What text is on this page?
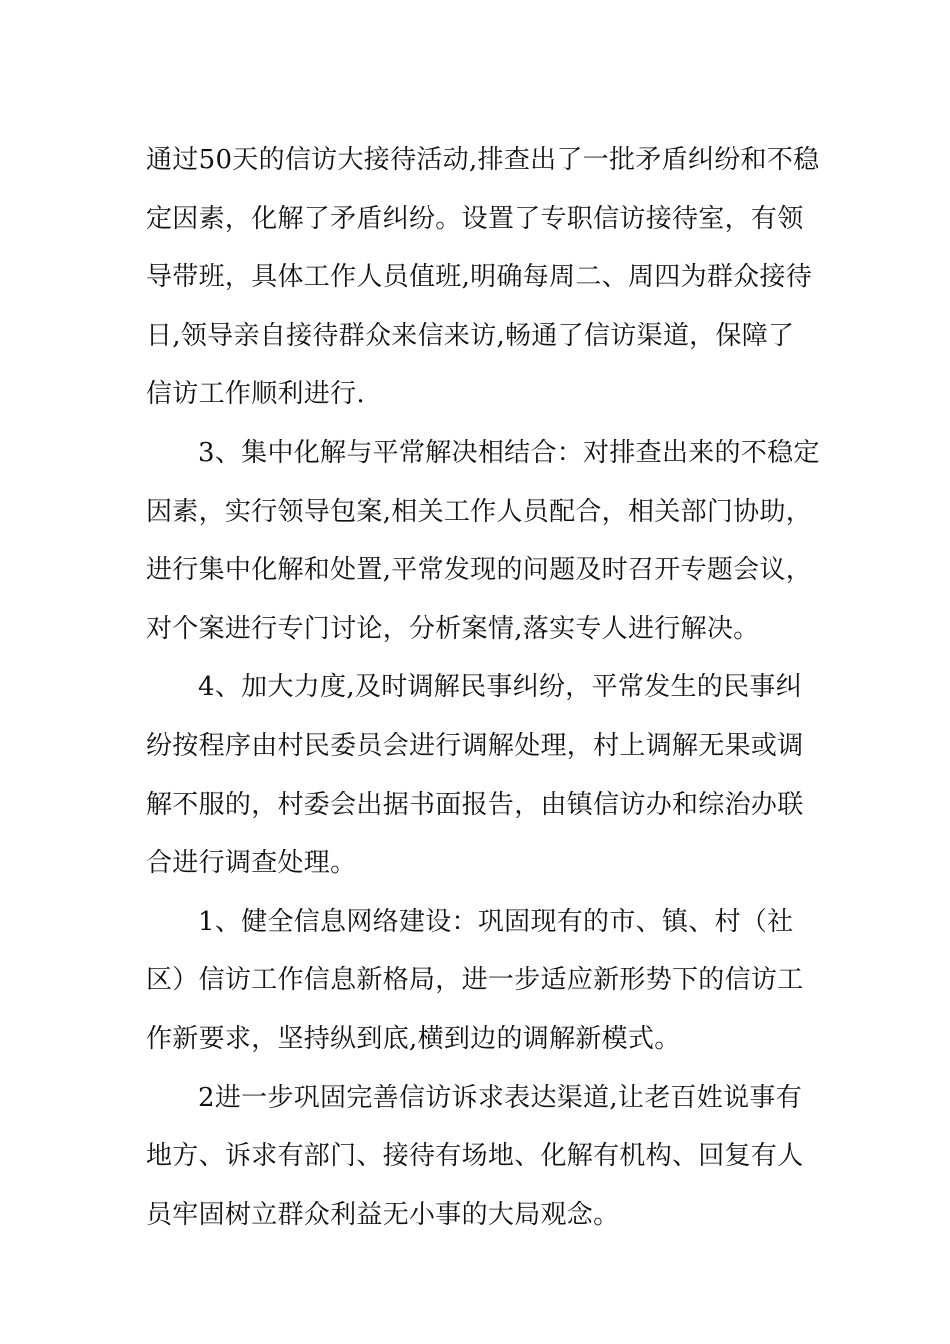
通过50天的信访大接待活动,排查出了一批矛盾纠纷和不稳
定因素，化解了矛盾纠纷。设置了专职信访接待室，有领
导带班，具体工作人员值班,明确每周二、周四为群众接待
日,领导亲自接待群众来信来访,畅通了信访渠道，保障了
信访工作顺利进行.
3、集中化解与平常解决相结合：对排查出来的不稳定
因素，实行领导包案,相关工作人员配合，相关部门协助，
进行集中化解和处置,平常发现的问题及时召开专题会议，
对个案进行专门讨论，分析案情,落实专人进行解决。
4、加大力度,及时调解民事纠纷，平常发生的民事纠
纷按程序由村民委员会进行调解处理，村上调解无果或调
解不服的，村委会出据书面报告，由镇信访办和综治办联
合进行调查处理。
1、健全信息网络建设：巩固现有的市、镇、村（社
区）信访工作信息新格局，进一步适应新形势下的信访工
作新要求，坚持纵到底,横到边的调解新模式。
2进一步巩固完善信访诉求表达渠道,让老百姓说事有
地方、诉求有部门、接待有场地、化解有机构、回复有人
员牢固树立群众利益无小事的大局观念。
